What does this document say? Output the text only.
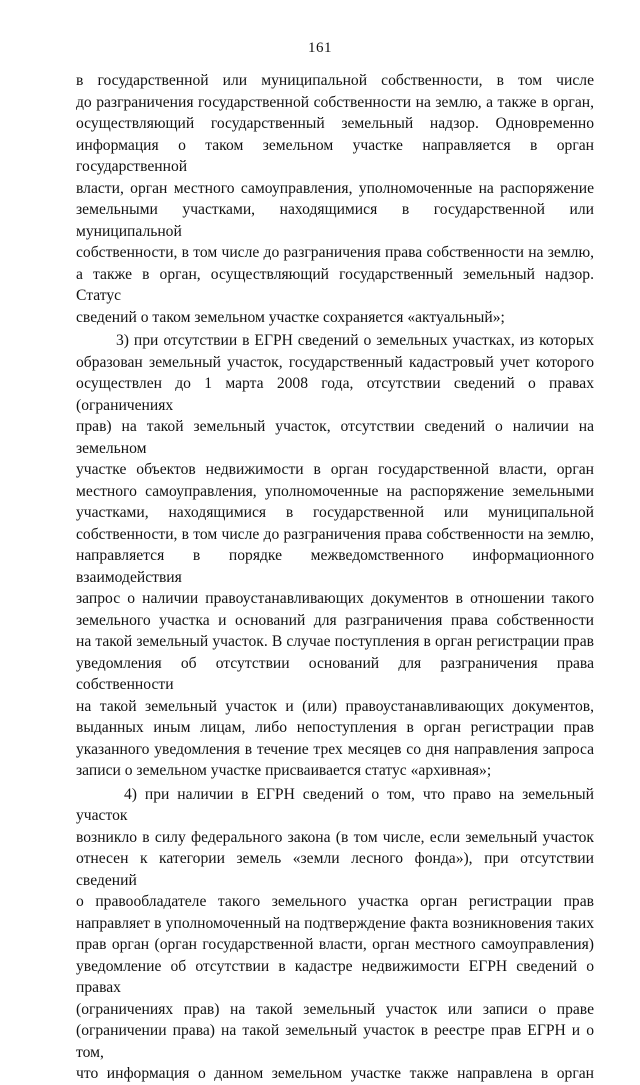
161

в государственной или муниципальной собственности, в том числе

до разграничения государственной собственности на землю, а также в орган,

осуществляющий государственный земельный надзор. Одновременно

информация о таком земельном участке направляется в орган государственной

власти, орган местного самоуправления, уполномоченные на распоряжение

земельными участками, находящимися в государственной или муниципальной

собственности, в том числе до разграничения права собственности на землю,

а также в орган, осуществляющий государственный земельный надзор. Статус

сведений о таком земельном участке сохраняется «актуальный»;

3) при отсутствии в ЕГРН сведений о земельных участках, из которых

образован земельный участок, государственный кадастровый учет которого

осуществлен до 1 марта 2008 года, отсутствии сведений о правах (ограничениях

прав) на такой земельный участок, отсутствии сведений о наличии на земельном

участке объектов недвижимости в орган государственной власти, орган

местного самоуправления, уполномоченные на распоряжение земельными

участками, находящимися в государственной или муниципальной

собственности, в том числе до разграничения права собственности на землю,

направляется в порядке межведомственного информационного взаимодействия

запрос о наличии правоустанавливающих документов в отношении такого

земельного участка и оснований для разграничения права собственности

на такой земельный участок. В случае поступления в орган регистрации прав

уведомления об отсутствии оснований для разграничения права собственности

на такой земельный участок и (или) правоустанавливающих документов,

выданных иным лицам, либо непоступления в орган регистрации прав

указанного уведомления в течение трех месяцев со дня направления запроса

записи о земельном участке присваивается статус «архивная»;

4) при наличии в ЕГРН сведений о том, что право на земельный участок

возникло в силу федерального закона (в том числе, если земельный участок

отнесен к категории земель «земли лесного фонда»), при отсутствии сведений

о правообладателе такого земельного участка орган регистрации прав

направляет в уполномоченный на подтверждение факта возникновения таких

прав орган (орган государственной власти, орган местного самоуправления)

уведомление об отсутствии в кадастре недвижимости ЕГРН сведений о правах

(ограничениях прав) на такой земельный участок или записи о праве

(ограничении права) на такой земельный участок в реестре прав ЕГРН и о том,

что информация о данном земельном участке также направлена в орган
